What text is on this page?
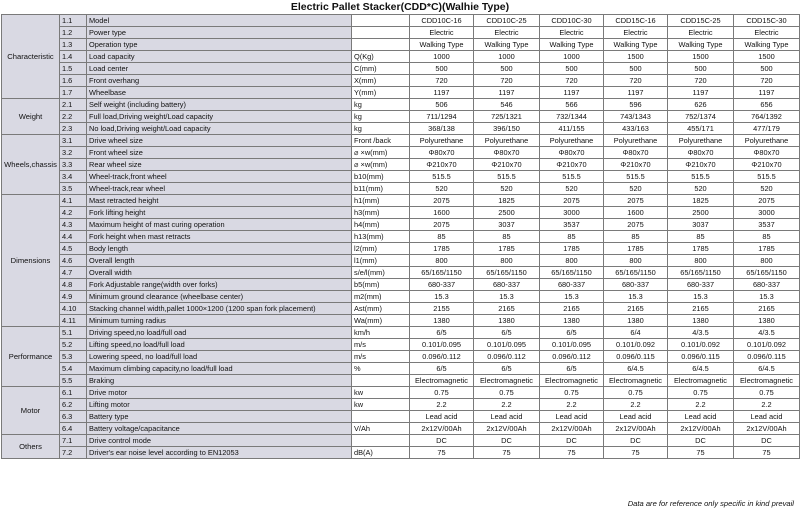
Electric Pallet Stacker(CDD*C)(Walhie Type)
Characteristic	1.1	Model		CDD10C-16	CDD10C-25	CDD10C-30	CDD15C-16	CDD15C-25	CDD15C-30
	1.2	Power type		Electric	Electric	Electric	Electric	Electric	Electric
	1.3	Operation type		Walking Type	Walking Type	Walking Type	Walking Type	Walking Type	Walking Type
	1.4	Load capacity	Q(Kg)	1000	1000	1000	1500	1500	1500
	1.5	Load center	C(mm)	500	500	500	500	500	500
	1.6	Front overhang	X(mm)	720	720	720	720	720	720
	1.7	Wheelbase	Y(mm)	1197	1197	1197	1197	1197	1197
Weight	2.1	Self weight (including battery)	kg	506	546	566	596	626	656
	2.2	Full load,Driving weight/Load capacity	kg	711/1294	725/1321	732/1344	743/1343	752/1374	764/1392
	2.3	No load,Driving weight/Load capacity	kg	368/138	396/150	411/155	433/163	455/171	477/179
Wheels,chassis	3.1	Drive wheel size	Front /back	Polyurethane	Polyurethane	Polyurethane	Polyurethane	Polyurethane	Polyurethane
	3.2	Front wheel size	⌀ ×w(mm)	Φ80x70	Φ80x70	Φ80x70	Φ80x70	Φ80x70	Φ80x70
	3.3	Rear wheel size	⌀ ×w(mm)	Φ210x70	Φ210x70	Φ210x70	Φ210x70	Φ210x70	Φ210x70
	3.4	Wheel-track,front wheel	b10(mm)	515.5	515.5	515.5	515.5	515.5	515.5
	3.5	Wheel-track,rear wheel	b11(mm)	520	520	520	520	520	520
Dimensions	4.1	Mast retracted height	h1(mm)	2075	1825	2075	2075	1825	2075
	4.2	Fork lifting height	h3(mm)	1600	2500	3000	1600	2500	3000
	4.3	Maximum height of mast curing operation	h4(mm)	2075	3037	3537	2075	3037	3537
	4.4	Fork height when mast retracts	h13(mm)	85	85	85	85	85	85
	4.5	Body length	l2(mm)	1785	1785	1785	1785	1785	1785
	4.6	Overall length	l1(mm)	800	800	800	800	800	800
	4.7	Overall width	s/e/l(mm)	65/165/1150	65/165/1150	65/165/1150	65/165/1150	65/165/1150	65/165/1150
	4.8	Fork Adjustable range(width over forks)	b5(mm)	680-337	680-337	680-337	680-337	680-337	680-337
	4.9	Minimum ground clearance (wheelbase center)	m2(mm)	15.3	15.3	15.3	15.3	15.3	15.3
	4.10	Stacking channel width,pallet 1000×1200 (1200 span fork placement)	Ast(mm)	2155	2165	2165	2165	2165	2165
	4.11	Minimum turning radius	Wa(mm)	1380	1380	1380	1380	1380	1380
Performance	5.1	Driving speed,no load/full oad	km/h	6/5	6/5	6/5	6/4	4/3.5	4/3.5
	5.2	Lifting speed,no load/full load	m/s	0.101/0.095	0.101/0.095	0.101/0.095	0.101/0.092	0.101/0.092	0.101/0.092
	5.3	Lowering speed, no load/full load	m/s	0.096/0.112	0.096/0.112	0.096/0.112	0.096/0.115	0.096/0.115	0.096/0.115
	5.4	Maximum climbing capacity,no load/full load	%	6/5	6/5	6/5	6/4.5	6/4.5	6/4.5
	5.5	Braking		Electromagnetic	Electromagnetic	Electromagnetic	Electromagnetic	Electromagnetic	Electromagnetic
Motor	6.1	Drive motor	kw	0.75	0.75	0.75	0.75	0.75	0.75
	6.2	Lifting motor	kw	2.2	2.2	2.2	2.2	2.2	2.2
	6.3	Battery type		Lead acid	Lead acid	Lead acid	Lead acid	Lead acid	Lead acid
	6.4	Battery voltage/capacitance	V/Ah	2x12V/00Ah	2x12V/00Ah	2x12V/00Ah	2x12V/00Ah	2x12V/00Ah	2x12V/00Ah
Others	7.1	Drive control mode		DC	DC	DC	DC	DC	DC
	7.2	Driver's ear noise level according to EN12053	dB(A)	75	75	75	75	75	75
Data are for reference only specific in kind prevail
